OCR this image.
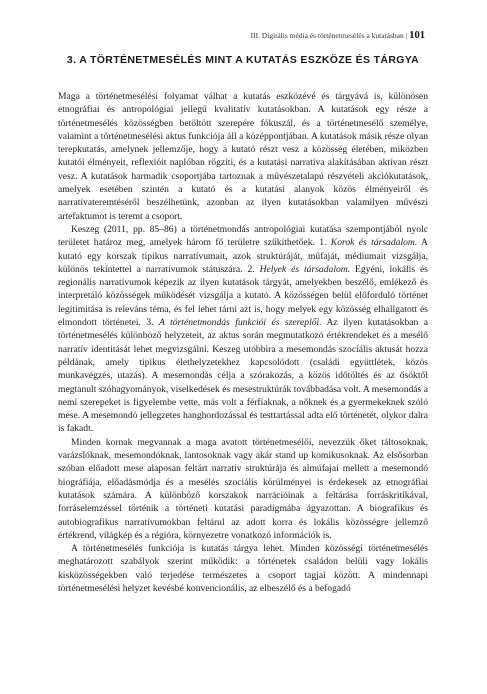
III. Digitális média és történetmesélés a kutatásban | 101
3. A TÖRTÉNETMESÉLÉS MINT A KUTATÁS ESZKÖZE ÉS TÁRGYA

Maga a történetmesélési folyamat válhat a kutatás eszközévé és tárgyává is, különösen etnográfiai és antropológiai jellegű kvalitatív kutatásokban. A kutatások egy része a történetmesélés közösségben betöltött szerepére fókuszál, és a történetmesélő személye, valamint a történetmesélési aktus funkciója áll a középpontjában. A kutatások másik része olyan terepkutatás, amelynek jellemzője, hogy a kutató részt vesz a közösség életében, miközben kutatói élményeit, reflexióit naplóban rögzíti, és a kutatási narratíva alakításában aktívan részt vesz. A kutatások harmadik csoportjába tartoznak a művészetalapú részvételi akciókutatások, amelyek esetében szintén a kutató és a kutatási alanyok közös élményeiről és narratívateremtéséről beszélhetünk, azonban az ilyen kutatásokban valamilyen művészi artefaktumot is teremt a csoport.

Keszeg (2011, pp. 85–86) a történetmondás antropológiai kutatása szempontjából nyolc területet határoz meg, amelyek három fő területre szűkíthetőek. 1. Korok és társadalom. A kutató egy korszak tipikus narratívumait, azok struktúráját, műfaját, médiumait vizsgálja, különös tekintettel a narratívumok státuszára. 2. Helyek és társadalom. Egyéni, lokális és regionális narratívumok képezik az ilyen kutatások tárgyát, amelyekben beszélő, emlékező és interpretáló közösségek működését vizsgálja a kutató. A közösségen belül előforduló történet legitimitása is releváns téma, és fel lehet tárni azt is, hogy melyek egy közösség elhallgatott és elmondott történetei. 3. A történetmondás funkciói és szereplői. Az ilyen kutatásokban a történetmesélés különböző helyzeteit, az aktus során megmutatkozó értékrendeket és a mesélő narratív identitását lehet megvizsgálni. Keszeg utóbbira a mesemondás szociális aktusát hozza példának, amely tipikus élethelyzetekhez kapcsolódott (családi együttlétek, közös munkavégzés, utazás). A mesemondás célja a szórakozás, a közös időtöltés és az ősöktől megtanult szóhagyományok, viselkedések és mesestruktúrák továbbadása volt. A mesemondás a nemi szerepeket is figyelembe vette, más volt a férfiaknak, a nőknek és a gyermekeknek szóló mese. A mesemondó jellegzetes hanghordozással és testtartással adta elő történetét, olykor dalra is fakadt.

Minden kornak megvannak a maga avatott történetmesélői, nevezzük őket táltosoknak, varázslóknak, mesemondóknak, lantosoknak vagy akár stand up komikusoknak. Az elsősorban szóban előadott mese alaposan feltárt narratív struktúrája és almúfajai mellett a mesemondó biográfiája, előadásmódja és a mesélés szociális körülményei is érdekesek az etnográfiai kutatások számára. A különböző korszakok narrációinak a feltárása forráskritikával, forráselemzéssel történik a történeti kutatási paradigmába ágyazottan. A biografikus és autobiografikus narratívumokban feltárul az adott korra és lokális közösségre jellemző értékrend, világkép és a régióra, környezetre vonatkozó információk is.

A történetmesélés funkciója is kutatás tárgya lehet. Minden közösségi történetmesélés meghatározott szabályok szerint működik: a történetek családon belüli vagy lokális kisközösségekben való terjedése természetes a csoport tagjai között. A mindennapi történetmesélési helyzet kevésbé konvencionális, az elbeszélő és a befogadó
